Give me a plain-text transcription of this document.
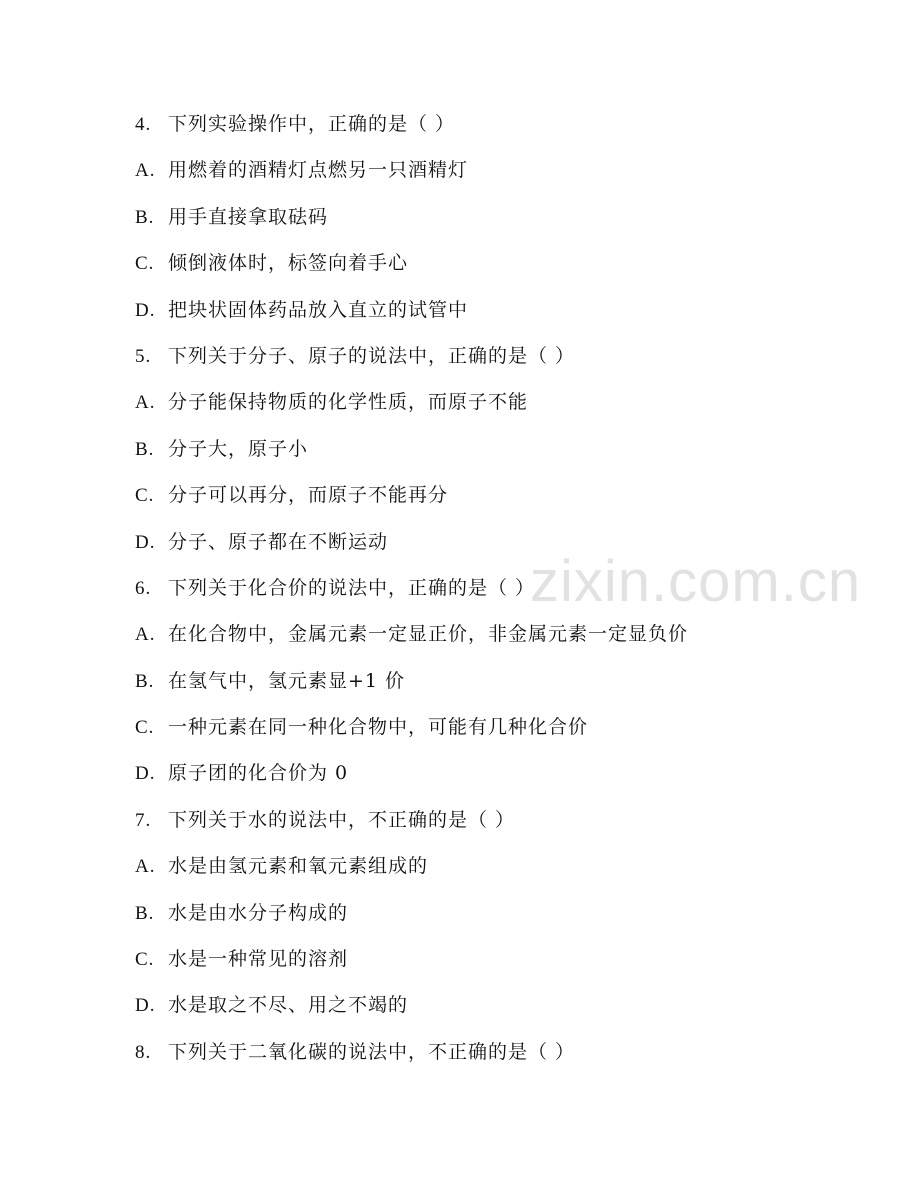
zixin.com.cn
4. 下列实验操作中，正确的是（ ）
A. 用燃着的酒精灯点燃另一只酒精灯
B. 用手直接拿取砝码
C. 倾倒液体时，标签向着手心
D. 把块状固体药品放入直立的试管中
5. 下列关于分子、原子的说法中，正确的是（ ）
A. 分子能保持物质的化学性质，而原子不能
B. 分子大，原子小
C. 分子可以再分，而原子不能再分
D. 分子、原子都在不断运动
6. 下列关于化合价的说法中，正确的是（ ）
A. 在化合物中，金属元素一定显正价，非金属元素一定显负价
B. 在氢气中，氢元素显+1 价
C. 一种元素在同一种化合物中，可能有几种化合价
D. 原子团的化合价为 0
7. 下列关于水的说法中，不正确的是（ ）
A. 水是由氢元素和氧元素组成的
B. 水是由水分子构成的
C. 水是一种常见的溶剂
D. 水是取之不尽、用之不竭的
8. 下列关于二氧化碳的说法中，不正确的是（ ）
